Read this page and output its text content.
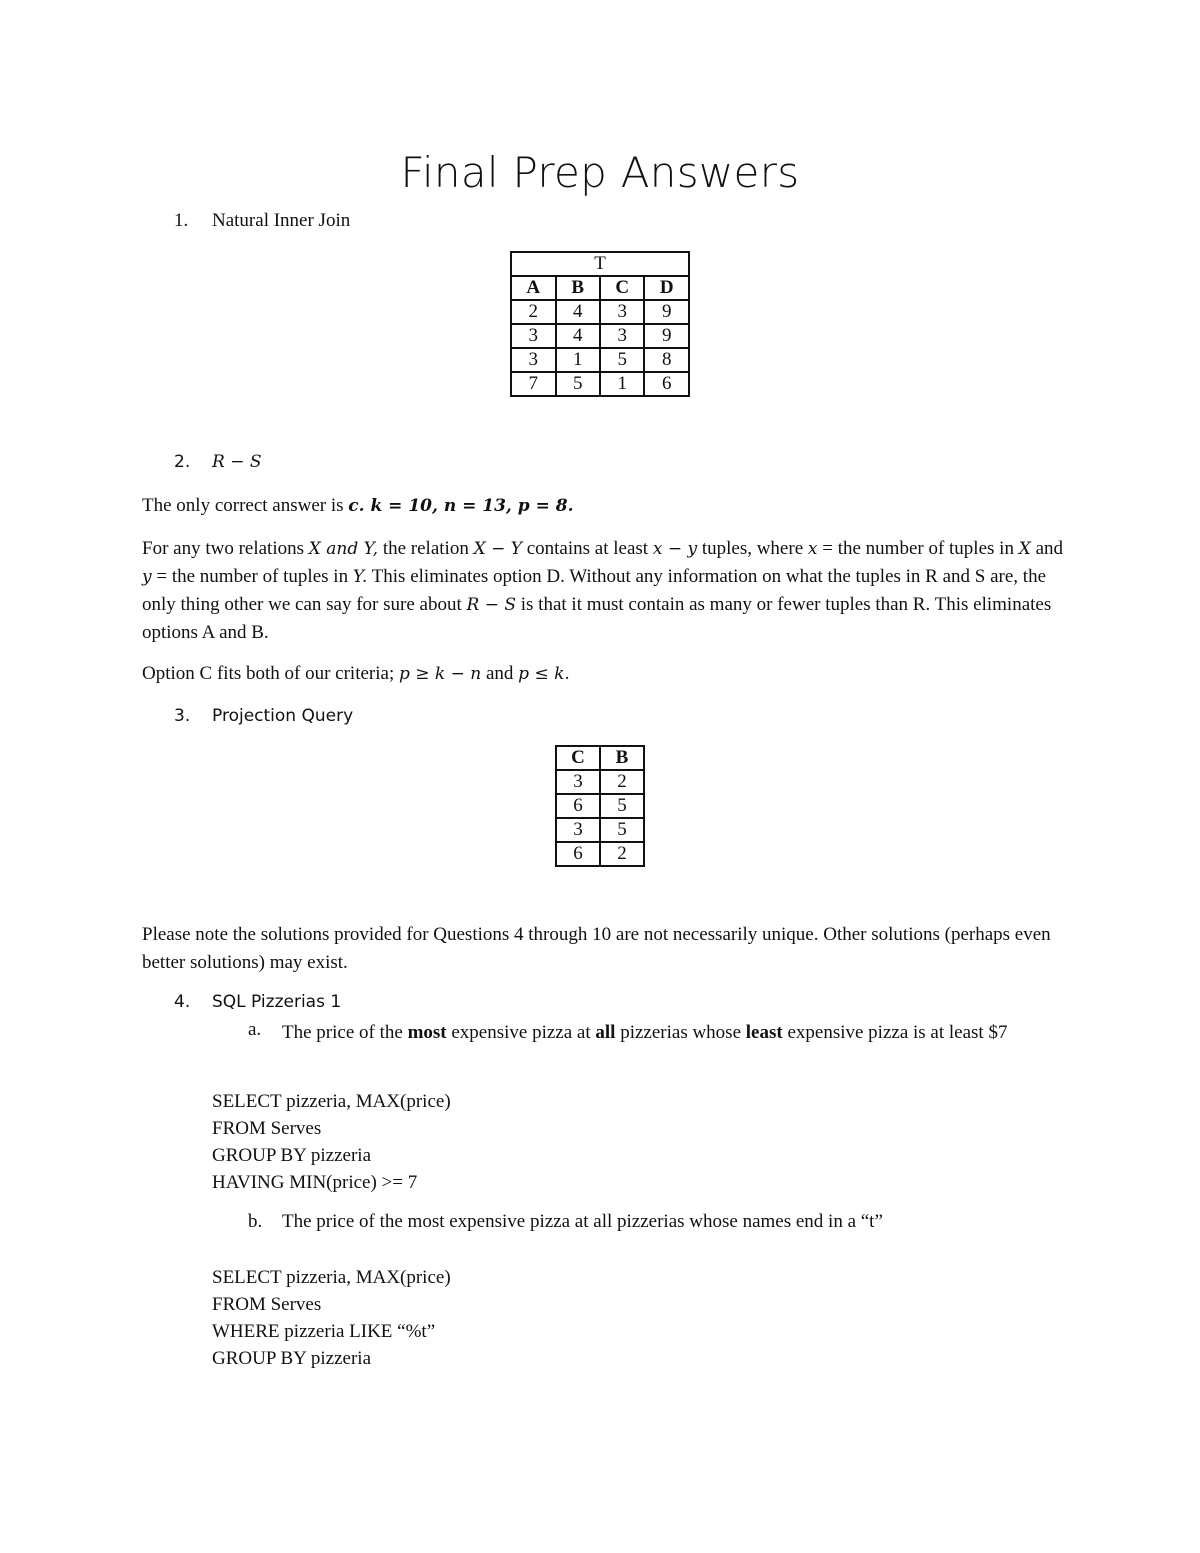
Final Prep Answers
1. Natural Inner Join
T			
A	B	C	D
2	4	3	9
3	4	3	9
3	1	5	8
7	5	1	6
2. R − S
The only correct answer is c. k = 10, n = 13, p = 8.
For any two relations X and Y, the relation X − Y contains at least x − y tuples, where x = the number of tuples in X and y = the number of tuples in Y. This eliminates option D. Without any information on what the tuples in R and S are, the only thing other we can say for sure about R − S is that it must contain as many or fewer tuples than R. This eliminates options A and B.
Option C fits both of our criteria; p ≥ k − n and p ≤ k.
3. Projection Query
C	B
3	2
6	5
3	5
6	2
Please note the solutions provided for Questions 4 through 10 are not necessarily unique. Other solutions (perhaps even better solutions) may exist.
4. SQL Pizzerias 1
a. The price of the most expensive pizza at all pizzerias whose least expensive pizza is at least $7
SELECT pizzeria, MAX(price)
FROM Serves
GROUP BY pizzeria
HAVING MIN(price) >= 7
b. The price of the most expensive pizza at all pizzerias whose names end in a “t”
SELECT pizzeria, MAX(price)
FROM Serves
WHERE pizzeria LIKE “%t”
GROUP BY pizzeria
